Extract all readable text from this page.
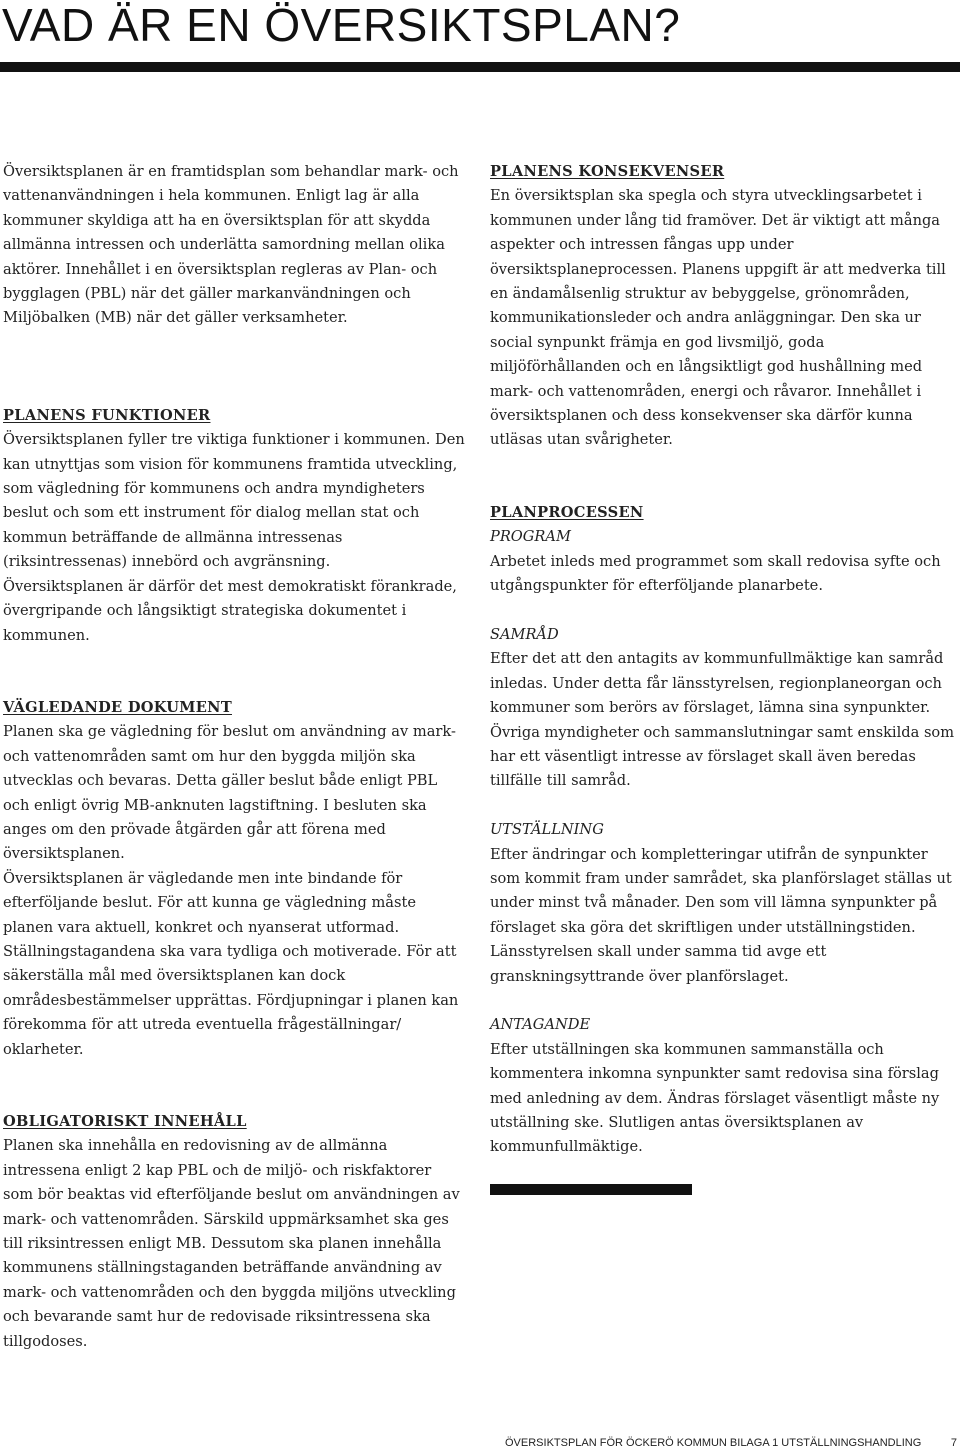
VAD ÄR EN ÖVERSIKTSPLAN?

Översiktsplanen är en framtidsplan som behandlar mark- och vattenanvändningen i hela kommunen. Enligt lag är alla kommuner skyldiga att ha en översiktsplan för att skydda allmänna intressen och underlätta samordning mellan olika aktörer. Innehållet i en översiktsplan regleras av Plan- och bygglagen (PBL) när det gäller markanvändningen och Miljöbalken (MB) när det gäller verksamheter.

PLANENS FUNKTIONER

Översiktsplanen fyller tre viktiga funktioner i kommunen. Den kan utnyttjas som vision för kommunens framtida utveckling, som vägledning för kommunens och andra myndigheters beslut och som ett instrument för dialog mellan stat och kommun beträffande de allmänna intressenas (riksintressenas) innebörd och avgränsning.

Översiktsplanen är därför det mest demokratiskt förankrade, övergripande och långsiktigt strategiska dokumentet i kommunen.

VÄGLEDANDE DOKUMENT

Planen ska ge vägledning för beslut om användning av mark- och vattenområden samt om hur den byggda miljön ska utvecklas och bevaras. Detta gäller beslut både enligt PBL och enligt övrig MB-anknuten lagstiftning. I besluten ska anges om den prövade åtgärden går att förena med översiktsplanen.

Översiktsplanen är vägledande men inte bindande för efterföljande beslut. För att kunna ge vägledning måste planen vara aktuell, konkret och nyanserat utformad. Ställningstagandena ska vara tydliga och motiverade. För att säkerställa mål med översiktsplanen kan dock områdesbestämmelser upprättas. Fördjupningar i planen kan förekomma för att utreda eventuella frågeställningar/ oklarheter.

OBLIGATORISKT INNEHÅLL

Planen ska innehålla en redovisning av de allmänna intressena enligt 2 kap PBL och de miljö- och riskfaktorer som bör beaktas vid efterföljande beslut om användningen av mark- och vattenområden. Särskild uppmärksamhet ska ges till riksintressen enligt MB. Dessutom ska planen innehålla kommunens ställningstaganden beträffande användning av mark- och vattenområden och den byggda miljöns utveckling och bevarande samt hur de redovisade riksintressena ska tillgodoses.

PLANENS KONSEKVENSER

En översiktsplan ska spegla och styra utvecklingsarbetet i kommunen under lång tid framöver. Det är viktigt att många aspekter och intressen fångas upp under översiktsplaneprocessen. Planens uppgift är att medverka till en ändamålsenlig struktur av bebyggelse, grönområden, kommunikationsleder och andra anläggningar. Den ska ur social synpunkt främja en god livsmiljö, goda miljöförhållanden och en långsiktligt god hushållning med mark- och vattenområden, energi och råvaror. Innehållet i översiktsplanen och dess konsekvenser ska därför kunna utläsas utan svårigheter.

PLANPROCESSEN
PROGRAM

Arbetet inleds med programmet som skall redovisa syfte och utgångspunkter för efterföljande planarbete.

SAMRÅD

Efter det att den antagits av kommunfullmäktige kan samråd inledas. Under detta får länsstyrelsen, regionplaneorgan och kommuner som berörs av förslaget, lämna sina synpunkter. Övriga myndigheter och sammanslutningar samt enskilda som har ett väsentligt intresse av förslaget skall även beredas tillfälle till samråd.

UTSTÄLLNING

Efter ändringar och kompletteringar utifrån de synpunkter som kommit fram under samrådet, ska planförslaget ställas ut under minst två månader. Den som vill lämna synpunkter på förslaget ska göra det skriftligen under utställningstiden. Länsstyrelsen skall under samma tid avge ett granskningsyttrande över planförslaget.

ANTAGANDE

Efter utställningen ska kommunen sammanställa och kommentera inkomna synpunkter samt redovisa sina förslag med anledning av dem. Ändras förslaget väsentligt måste ny utställning ske. Slutligen antas översiktsplanen av kommunfullmäktige.

ÖVERSIKTSPLAN FÖR ÖCKERÖ KOMMUN BILAGA 1 UTSTÄLLNINGSHANDLING	7
